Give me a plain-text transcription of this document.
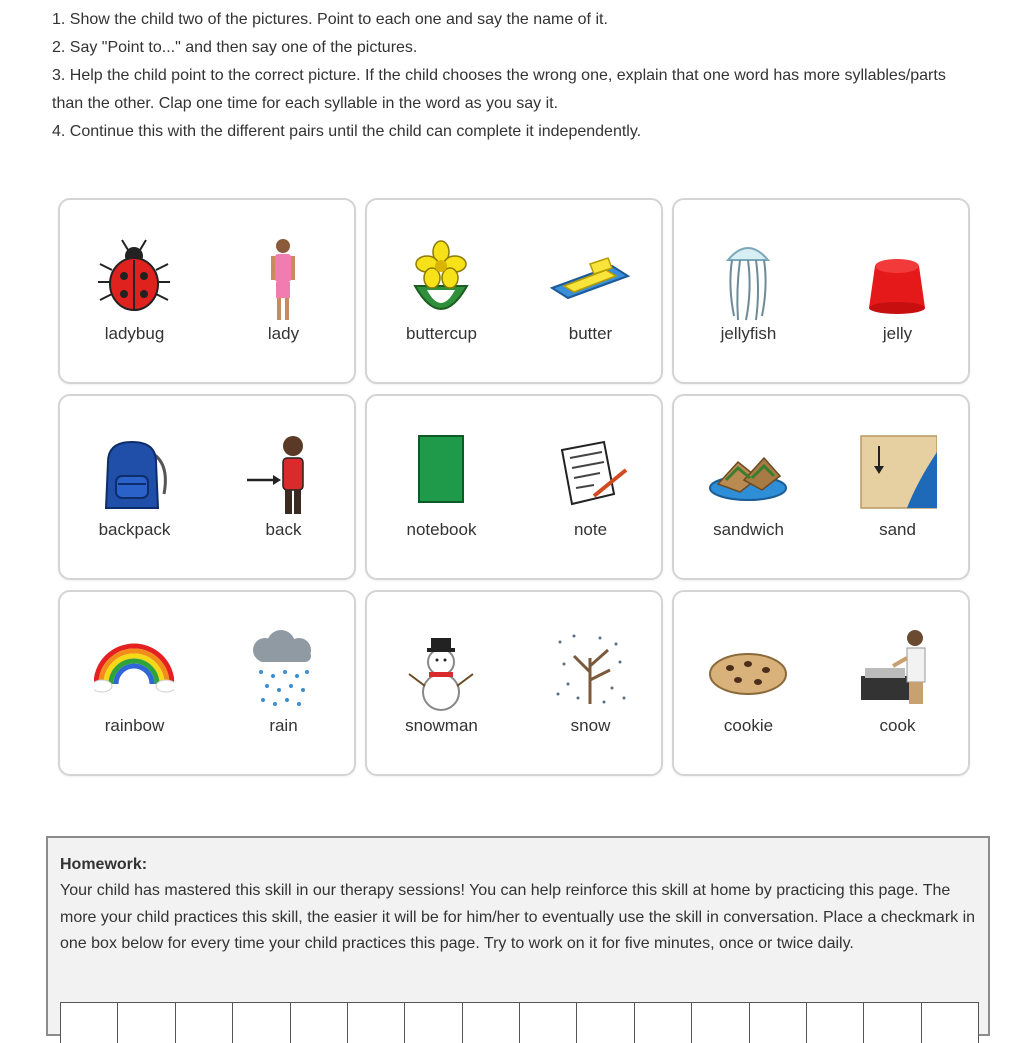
1. Show the child two of the pictures. Point to each one and say the name of it.

2. Say "Point to..." and then say one of the pictures.

3. Help the child point to the correct picture. If the child chooses the wrong one, explain that one word has more syllables/parts than the other. Clap one time for each syllable in the word as you say it.

4. Continue this with the different pairs until the child can complete it independently.

ladybug	lady	buttercup	butter	jellyfish	jelly
backpack	back	notebook	note	sandwich	sand
rainbow	rain	snowman	snow	cookie	cook
Homework:
Your child has mastered this skill in our therapy sessions! You can help reinforce this skill at home by practicing this page. The more your child practices this skill, the easier it will be for him/her to eventually use the skill in conversation. Place a checkmark in one box below for every time your child practices this page. Try to work on it for five minutes, once or twice daily.
